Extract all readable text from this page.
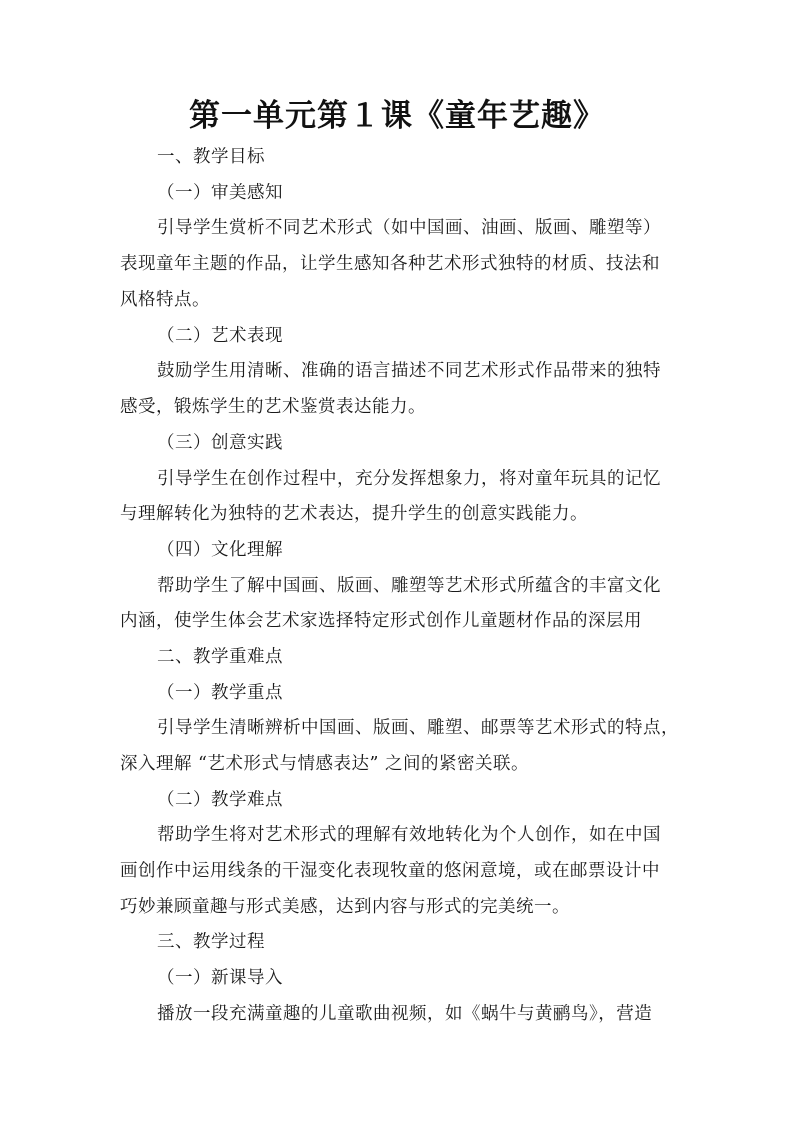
第一单元第１课《童年艺趣》
一、教学目标
（一）审美感知
引导学生赏析不同艺术形式（如中国画、油画、版画、雕塑等）
表现童年主题的作品，让学生感知各种艺术形式独特的材质、技法和
风格特点。
（二）艺术表现
鼓励学生用清晰、准确的语言描述不同艺术形式作品带来的独特
感受，锻炼学生的艺术鉴赏表达能力。
（三）创意实践
引导学生在创作过程中，充分发挥想象力，将对童年玩具的记忆
与理解转化为独特的艺术表达，提升学生的创意实践能力。
（四）文化理解
帮助学生了解中国画、版画、雕塑等艺术形式所蕴含的丰富文化
内涵，使学生体会艺术家选择特定形式创作儿童题材作品的深层用
二、教学重难点
（一）教学重点
引导学生清晰辨析中国画、版画、雕塑、邮票等艺术形式的特点，
深入理解 “艺术形式与情感表达” 之间的紧密关联。
（二）教学难点
帮助学生将对艺术形式的理解有效地转化为个人创作，如在中国
画创作中运用线条的干湿变化表现牧童的悠闲意境，或在邮票设计中
巧妙兼顾童趣与形式美感，达到内容与形式的完美统一。
三、教学过程
（一）新课导入
播放一段充满童趣的儿童歌曲视频，如《蜗牛与黄鹂鸟》，营造
